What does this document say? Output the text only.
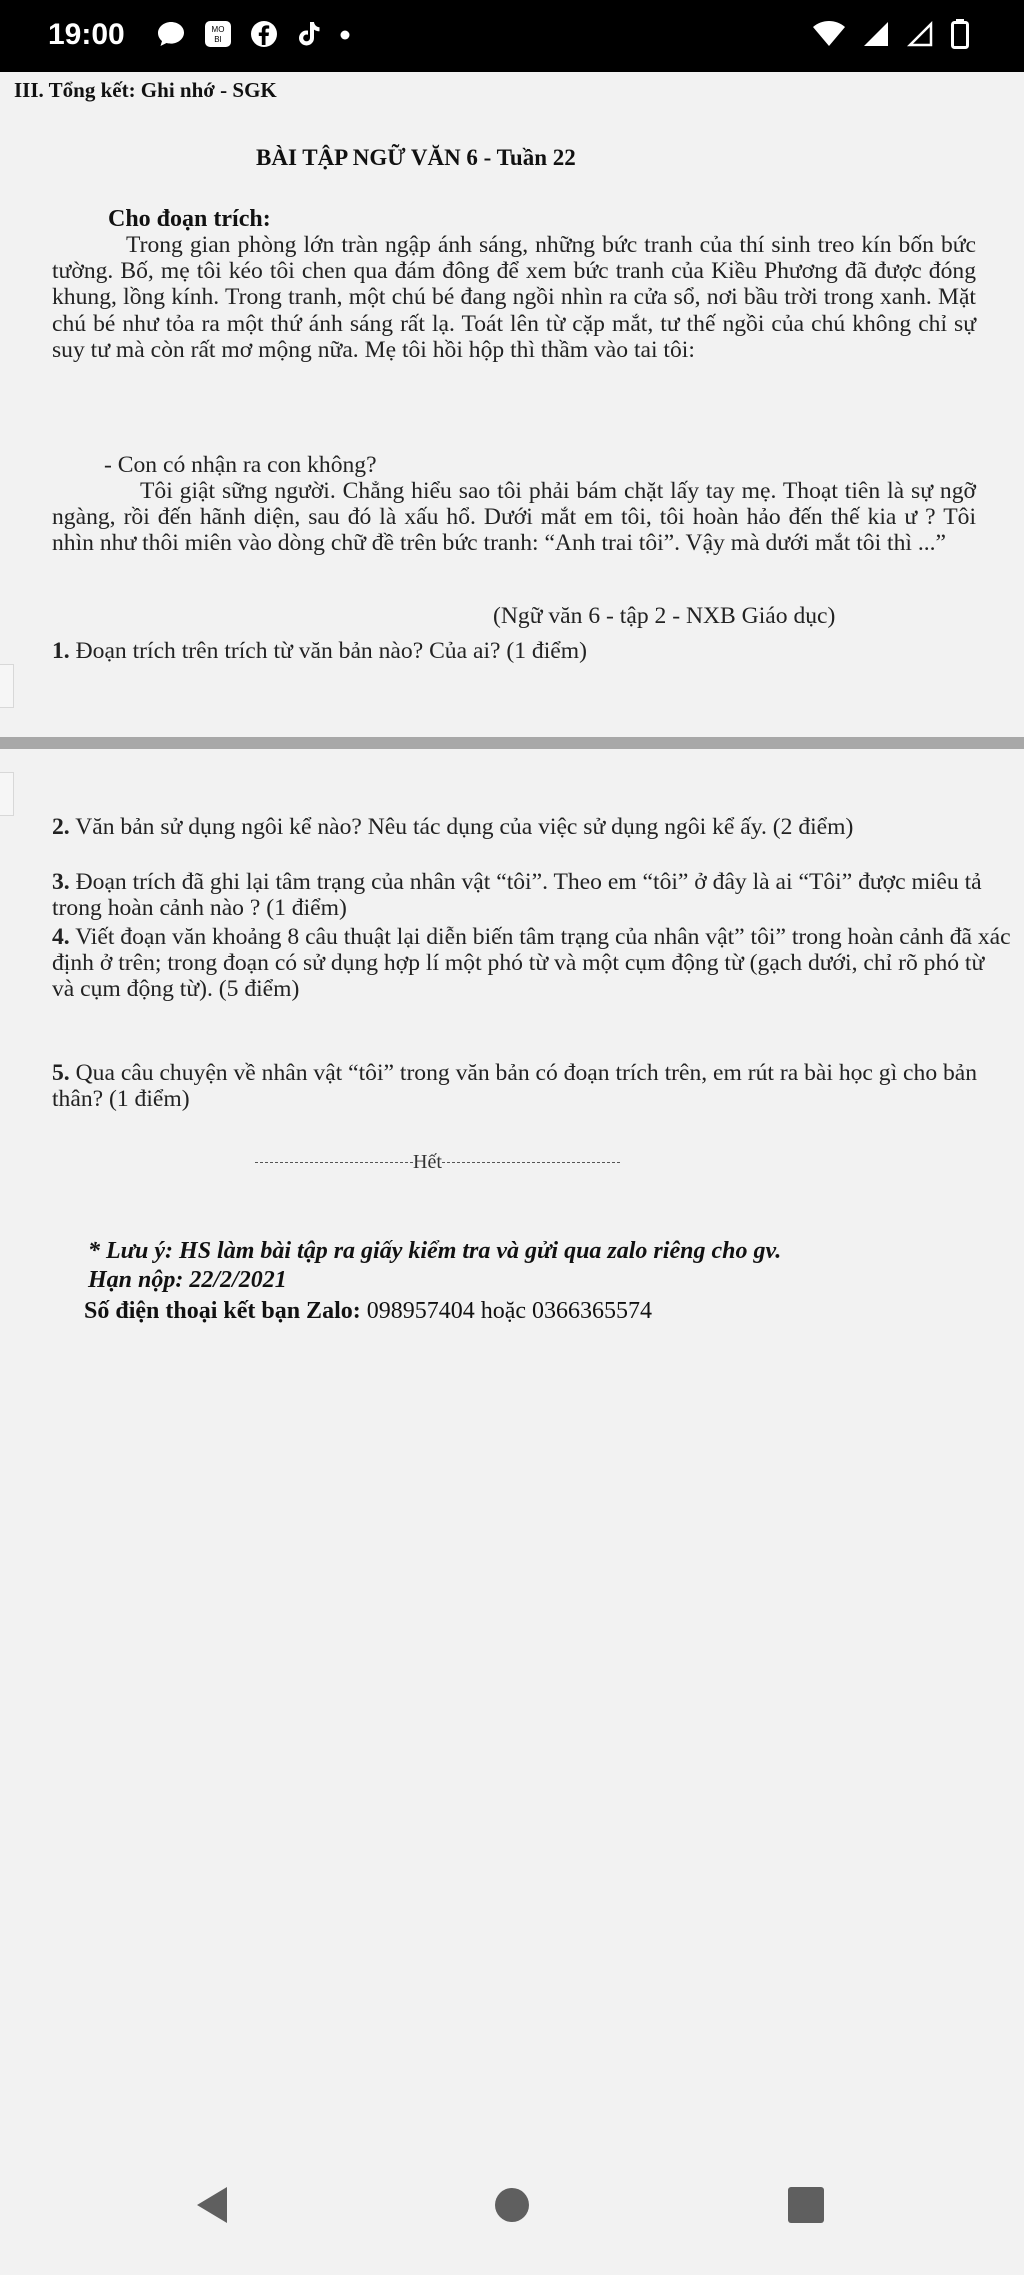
19:00	MO
BI
III. Tổng kết: Ghi nhớ - SGK
BÀI TẬP NGỮ VĂN 6 - Tuần 22
Cho đoạn trích:
Trong gian phòng lớn tràn ngập ánh sáng, những bức tranh của thí sinh treo kín bốn bức tường. Bố, mẹ tôi kéo tôi chen qua đám đông để xem bức tranh của Kiều Phương đã được đóng khung, lồng kính. Trong tranh, một chú bé đang ngồi nhìn ra cửa sổ, nơi bầu trời trong xanh. Mặt chú bé như tỏa ra một thứ ánh sáng rất lạ. Toát lên từ cặp mắt, tư thế ngồi của chú không chỉ sự suy tư mà còn rất mơ mộng nữa. Mẹ tôi hồi hộp thì thầm vào tai tôi:
- Con có nhận ra con không?
Tôi giật sững người. Chẳng hiểu sao tôi phải bám chặt lấy tay mẹ. Thoạt tiên là sự ngỡ ngàng, rồi đến hãnh diện, sau đó là xấu hổ. Dưới mắt em tôi, tôi hoàn hảo đến thế kia ư ? Tôi nhìn như thôi miên vào dòng chữ đề trên bức tranh: “Anh trai tôi”. Vậy mà dưới mắt tôi thì ...”
(Ngữ văn 6 - tập 2 - NXB Giáo dục)
1. Đoạn trích trên trích từ văn bản nào? Của ai? (1 điểm)
2. Văn bản sử dụng ngôi kể nào? Nêu tác dụng của việc sử dụng ngôi kể ấy. (2 điểm)
3. Đoạn trích đã ghi lại tâm trạng của nhân vật “tôi”. Theo em “tôi” ở đây là ai “Tôi” được miêu tả trong hoàn cảnh nào ? (1 điểm)
4. Viết đoạn văn khoảng 8 câu thuật lại diễn biến tâm trạng của nhân vật” tôi” trong hoàn cảnh đã xác định ở trên; trong đoạn có sử dụng hợp lí một phó từ và một cụm động từ (gạch dưới, chỉ rõ phó từ và cụm động từ). (5 điểm)
5. Qua câu chuyện về nhân vật “tôi” trong văn bản có đoạn trích trên, em rút ra bài học gì cho bản thân? (1 điểm)
Hết
* Lưu ý: HS làm bài tập ra giấy kiểm tra và gửi qua zalo riêng cho gv.
Hạn nộp: 22/2/2021
Số điện thoại kết bạn Zalo: 098957404 hoặc 0366365574
